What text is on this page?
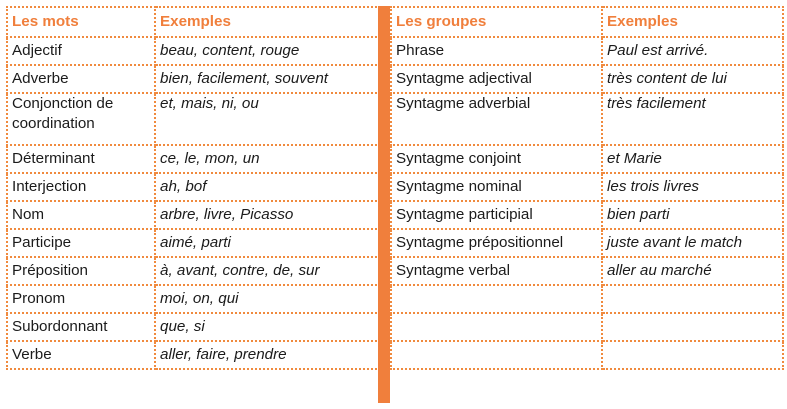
Les mots	Exemples
Adjectif	beau, content, rouge
Adverbe	bien, facilement, souvent
Conjonction de coordination	et, mais, ni, ou
Déterminant	ce, le, mon, un
Interjection	ah, bof
Nom	arbre, livre, Picasso
Participe	aimé, parti
Préposition	à, avant, contre, de, sur
Pronom	moi, on, qui
Subordonnant	que, si
Verbe	aller, faire, prendre
Les groupes	Exemples
Phrase	Paul est arrivé.
Syntagme adjectival	très content de lui
Syntagme adverbial	très facilement
Syntagme conjoint	et Marie
Syntagme nominal	les trois livres
Syntagme participial	bien parti
Syntagme prépositionnel	juste avant le match
Syntagme verbal	aller au marché
